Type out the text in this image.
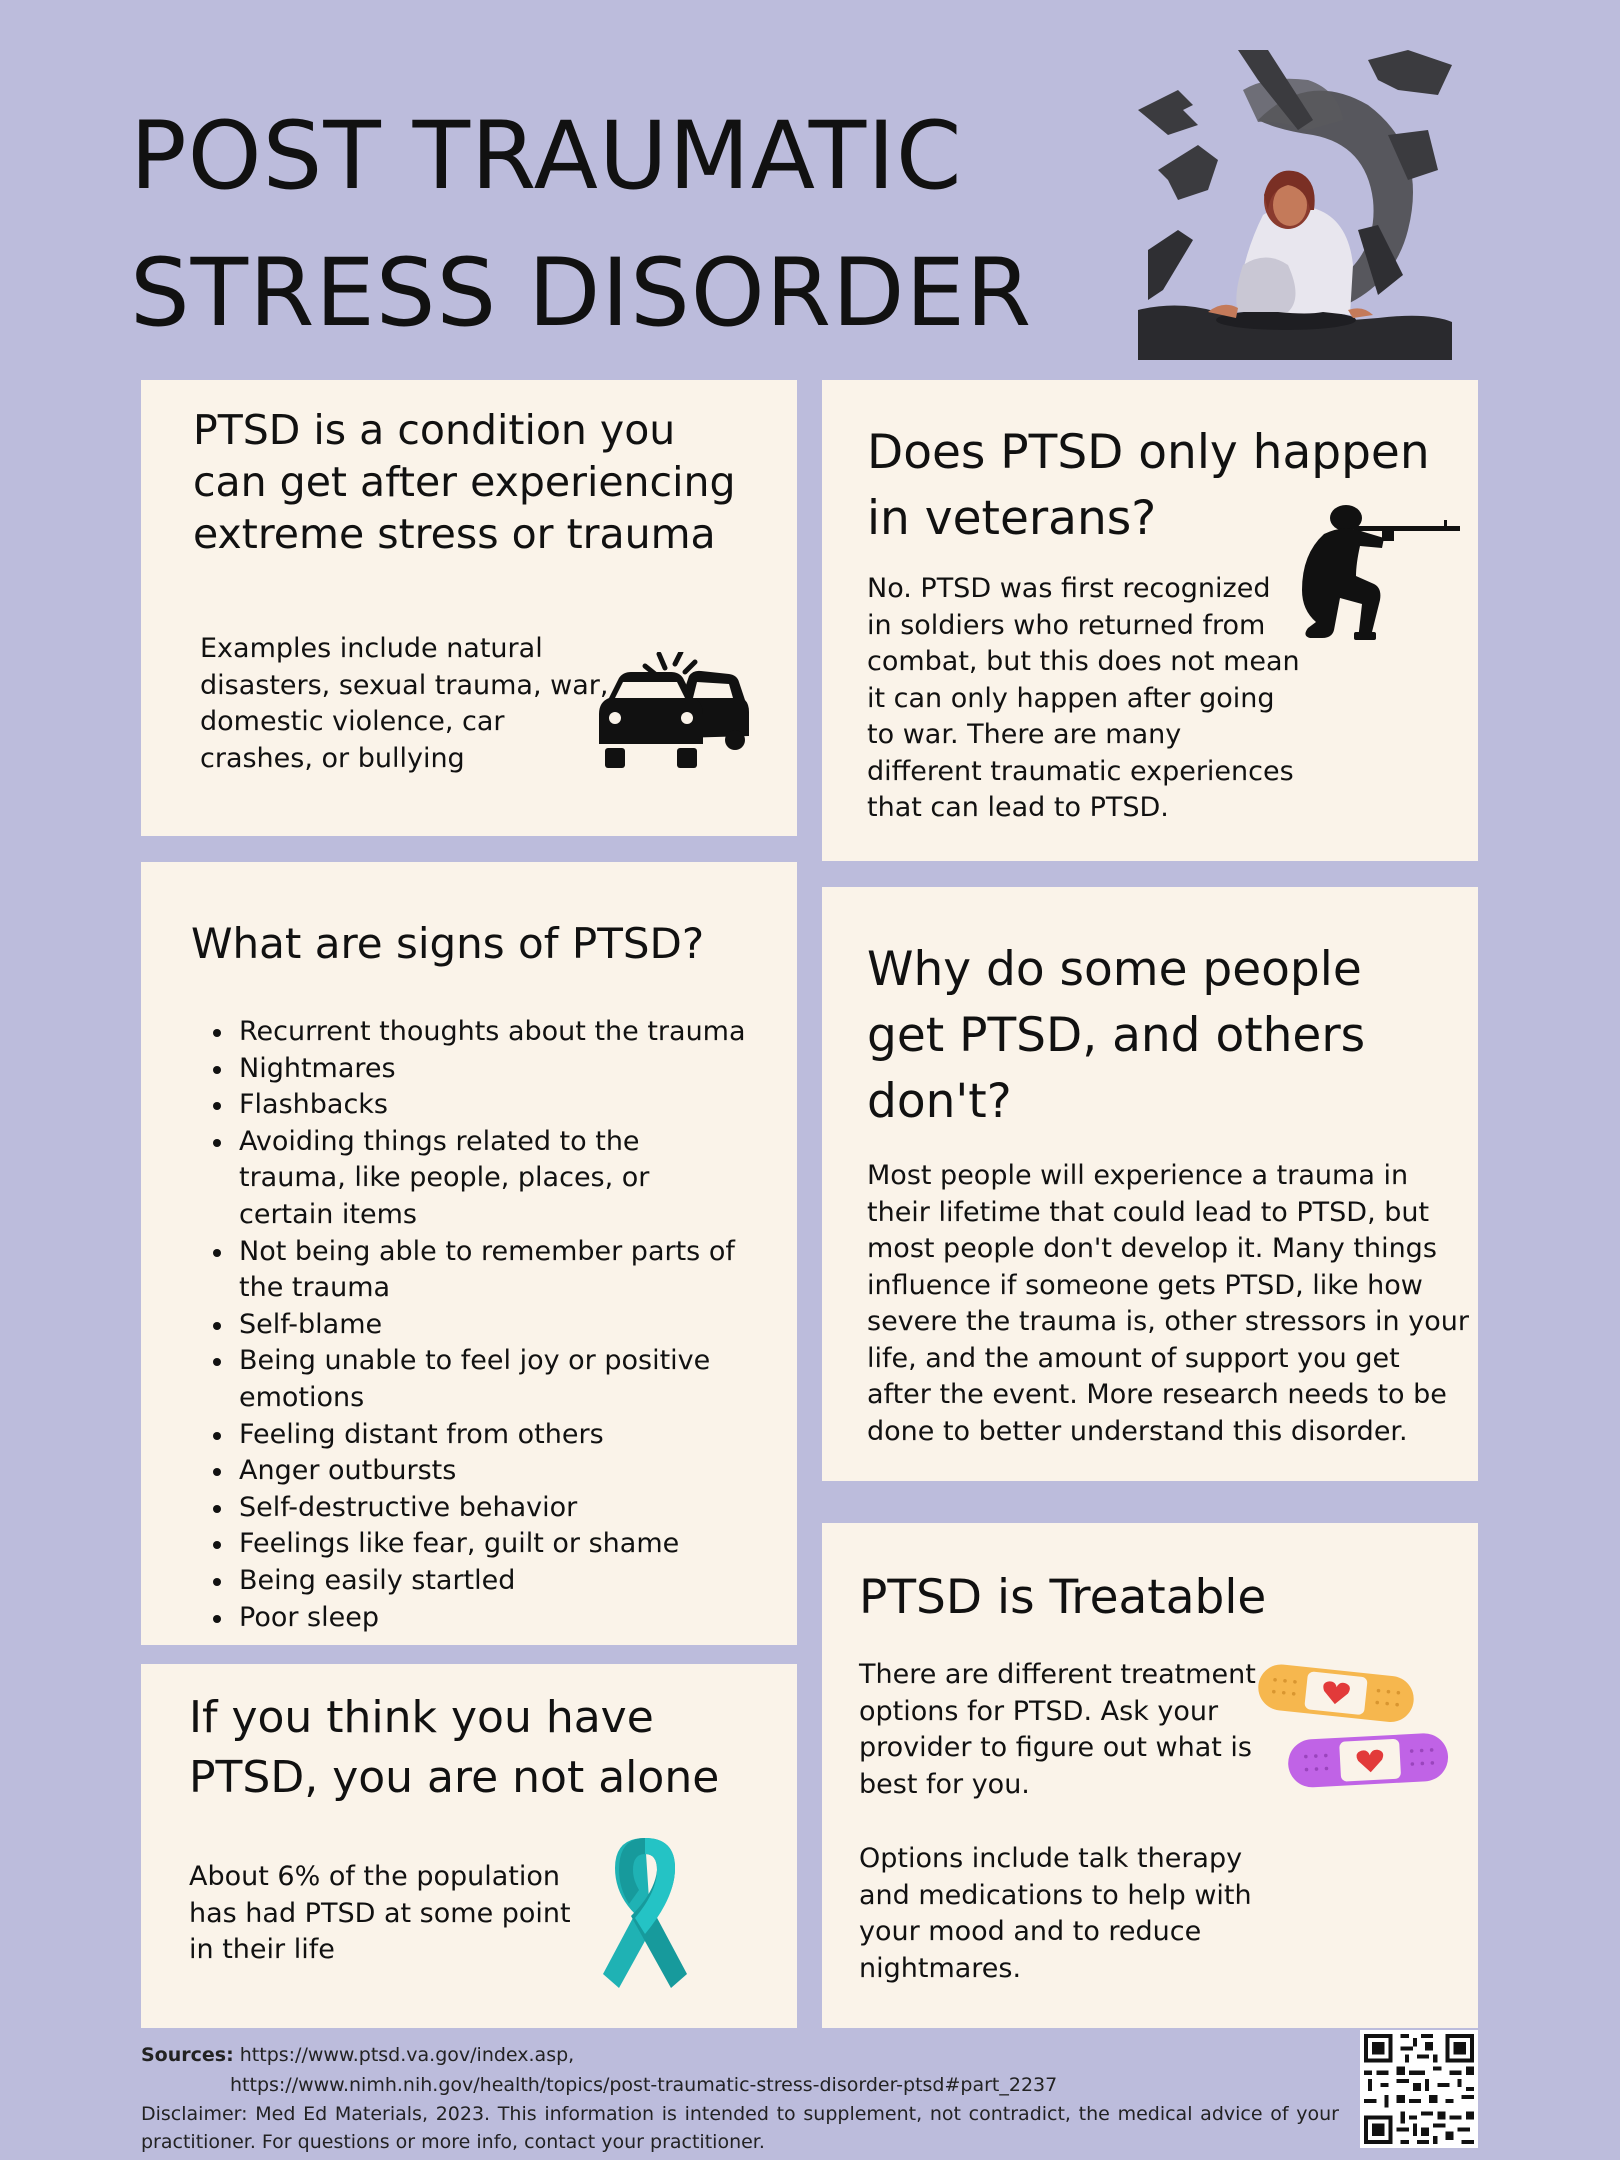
POST TRAUMATIC
STRESS DISORDER

PTSD is a condition you
can get after experiencing
extreme stress or trauma

Examples include natural
disasters, sexual trauma, war,
domestic violence, car
crashes, or bullying

Does PTSD only happen
in veterans?

No. PTSD was first recognized
in soldiers who returned from
combat, but this does not mean
it can only happen after going
to war. There are many
different traumatic experiences
that can lead to PTSD.

What are signs of PTSD?

Recurrent thoughts about the trauma
Nightmares
Flashbacks
Avoiding things related to the trauma, like people, places, or certain items
Not being able to remember parts of the trauma
Self-blame
Being unable to feel joy or positive emotions
Feeling distant from others
Anger outbursts
Self-destructive behavior
Feelings like fear, guilt or shame
Being easily startled
Poor sleep

Why do some people
get PTSD, and others
don't?

Most people will experience a trauma in
their lifetime that could lead to PTSD, but
most people don't develop it. Many things
influence if someone gets PTSD, like how
severe the trauma is, other stressors in your
life, and the amount of support you get
after the event. More research needs to be
done to better understand this disorder.

If you think you have
PTSD, you are not alone

About 6% of the population
has had PTSD at some point
in their life

PTSD is Treatable

There are different treatment
options for PTSD. Ask your
provider to figure out what is
best for you.

Options include talk therapy
and medications to help with
your mood and to reduce
nightmares.

Sources: https://www.ptsd.va.gov/index.asp,
https://www.nimh.nih.gov/health/topics/post-traumatic-stress-disorder-ptsd#part_2237

Disclaimer: Med Ed Materials, 2023. This information is intended to supplement, not contradict, the medical advice of your practitioner. For questions or more info, contact your practitioner.
